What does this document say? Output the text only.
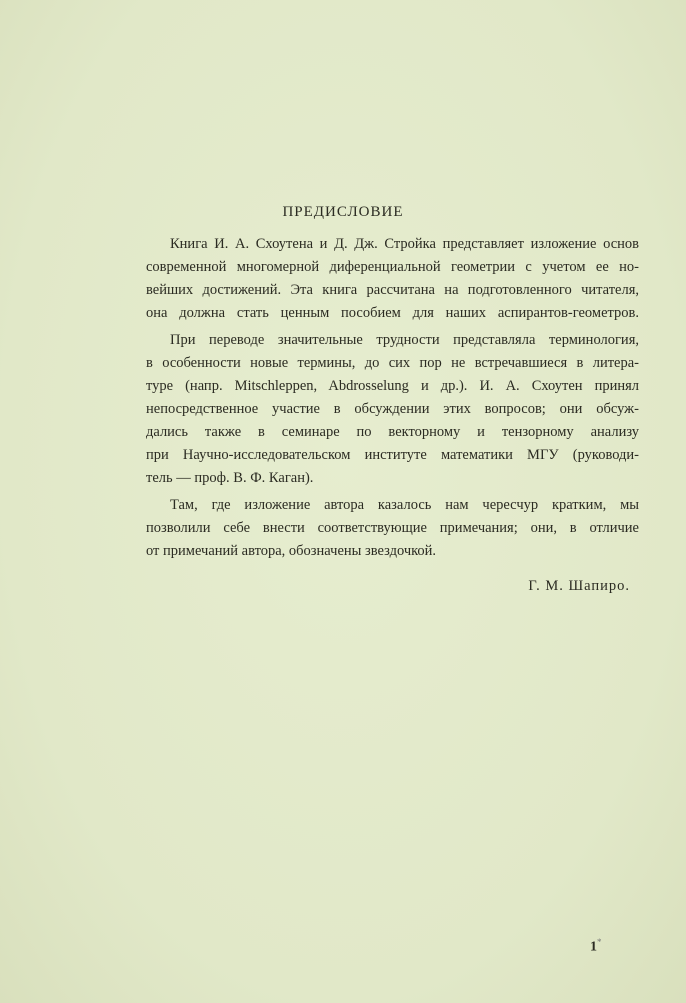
ПРЕДИСЛОВИЕ
Книга И. А. Схоутена и Д. Дж. Стройка представляет изложение основ
современной многомерной диференциальной геометрии с учетом ее но-
вейших достижений. Эта книга рассчитана на подготовленного читателя,
она должна стать ценным пособием для наших аспирантов-геометров.
При переводе значительные трудности представляла терминология,
в особенности новые термины, до сих пор не встречавшиеся в литера-
туре (напр. Mitschleppen, Abdrosselung и др.). И. А. Схоутен принял
непосредственное участие в обсуждении этих вопросов; они обсуж-
дались также в семинаре по векторному и тензорному анализу
при Научно-исследовательском институте математики МГУ (руководи-
тель — проф. В. Ф. Каган).
Там, где изложение автора казалось нам чересчур кратким, мы
позволили себе внести соответствующие примечания; они, в отличие
от примечаний автора, обозначены звездочкой.
Г. М. Шапиро.
1*
